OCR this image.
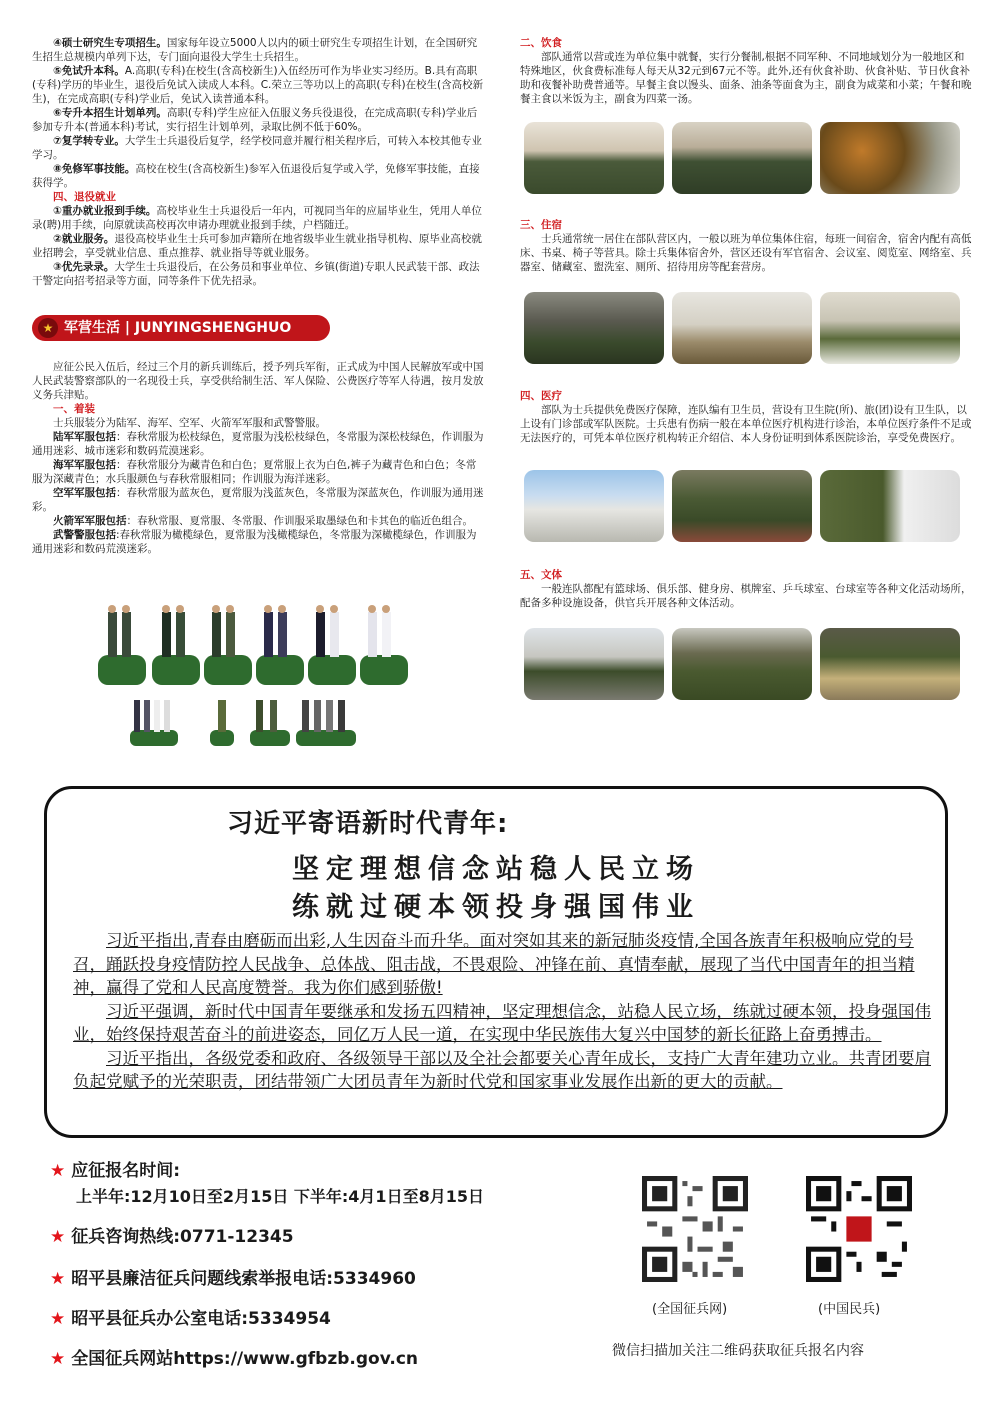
④硕士研究生专项招生。国家每年设立5000人以内的硕士研究生专项招生计划，在全国研究生招生总规模内单列下达，专门面向退役大学生士兵招生。

⑤免试升本科。A.高职(专科)在校生(含高校新生)入伍经历可作为毕业实习经历。B.具有高职(专科)学历的毕业生，退役后免试入读成人本科。C.荣立三等功以上的高职(专科)在校生(含高校新生)，在完成高职(专科)学业后，免试入读普通本科。

⑥专升本招生计划单列。高职(专科)学生应征入伍服义务兵役退役，在完成高职(专科)学业后参加专升本(普通本科)考试，实行招生计划单列，录取比例不低于60%。

⑦复学转专业。大学生士兵退役后复学，经学校同意并履行相关程序后，可转入本校其他专业学习。

⑧免修军事技能。高校在校生(含高校新生)参军入伍退役后复学或入学，免修军事技能，直接获得学。

四、退役就业

①重办就业报到手续。高校毕业生士兵退役后一年内，可视同当年的应届毕业生，凭用人单位录(聘)用手续，向原就读高校再次申请办理就业报到手续，户档随迁。

②就业服务。退役高校毕业生士兵可参加声籍所在地省级毕业生就业指导机构、原毕业高校就业招聘会，享受就业信息、重点推荐、就业指导等就业服务。

③优先录录。大学生士兵退役后，在公务员和事业单位、乡镇(街道)专职人民武装干部、政法干警定向招考招录等方面，同等条件下优先招录。

★ 军营生活 | JUNYINGSHENGHUO

应征公民入伍后，经过三个月的新兵训练后，授予列兵军衔，正式成为中国人民解放军或中国人民武装警察部队的一名现役士兵，享受供给制生活、军人保险、公费医疗等军人待遇，按月发放义务兵津贴。

一、着装

士兵服装分为陆军、海军、空军、火箭军军服和武警警服。

陆军军服包括：春秋常服为松枝绿色，夏常服为浅松枝绿色，冬常服为深松枝绿色，作训服为通用迷彩、城市迷彩和数码荒漠迷彩。

海军军服包括：春秋常服分为藏青色和白色；夏常服上衣为白色,裤子为藏青色和白色；冬常服为深藏青色；水兵服颜色与春秋常服相同；作训服为海洋迷彩。

空军军服包括：春秋常服为蓝灰色，夏常服为浅蓝灰色，冬常服为深蓝灰色，作训服为通用迷彩。

火箭军军服包括：春秋常服、夏常服、冬常服、作训服采取墨绿色和卡其色的临近色组合。

武警警服包括:春秋常服为橄榄绿色，夏常服为浅橄榄绿色，冬常服为深橄榄绿色，作训服为通用迷彩和数码荒漠迷彩。

二、饮食

部队通常以营或连为单位集中就餐，实行分餐制,根据不同军种、不同地域划分为一般地区和特殊地区，伙食费标准每人每天从32元到67元不等。此外,还有伙食补助、伙食补贴、节日伙食补助和夜餐补助费普通等。早餐主食以馒头、面条、油条等面食为主，副食为咸菜和小菜；午餐和晚餐主食以米饭为主，副食为四菜一汤。

三、住宿

士兵通常统一居住在部队营区内，一般以班为单位集体住宿，每班一间宿舍，宿舍内配有高低床、书桌、椅子等营具。除士兵集体宿舍外，营区还设有军官宿舍、会议室、阅览室、网络室、兵器室、储藏室、盥洗室、厕所、招待用房等配套营房。

四、医疗

部队为士兵提供免费医疗保障，连队编有卫生员，营设有卫生院(所)、旅(团)设有卫生队，以上设有门诊部或军队医院。士兵患有伤病一般在本单位医疗机构进行诊治，本单位医疗条件不足或无法医疗的，可凭本单位医疗机构转正介绍信、本人身份证明到体系医院诊治，享受免费医疗。

五、文体

一般连队都配有篮球场、俱乐部、健身房、棋牌室、乒乓球室、台球室等各种文化活动场所，配备多种设施设备，供官兵开展各种文体活动。

习近平寄语新时代青年:
坚定理想信念站稳人民立场
练就过硬本领投身强国伟业

习近平指出,青春由磨砺而出彩,人生因奋斗而升华。面对突如其来的新冠肺炎疫情,全国各族青年积极响应党的号召，踊跃投身疫情防控人民战争、总体战、阻击战，不畏艰险、冲锋在前、真情奉献，展现了当代中国青年的担当精神，赢得了党和人民高度赞誉。我为你们感到骄傲!

习近平强调，新时代中国青年要继承和发扬五四精神，坚定理想信念，站稳人民立场，练就过硬本领，投身强国伟业，始终保持艰苦奋斗的前进姿态，同亿万人民一道，在实现中华民族伟大复兴中国梦的新长征路上奋勇搏击。

习近平指出，各级党委和政府、各级领导干部以及全社会都要关心青年成长，支持广大青年建功立业。共青团要肩负起党赋予的光荣职责，团结带领广大团员青年为新时代党和国家事业发展作出新的更大的贡献。

★ 应征报名时间:
上半年:12月10日至2月15日 下半年:4月1日至8月15日
★ 征兵咨询热线:0771-12345
★ 昭平县廉洁征兵问题线索举报电话:5334960
★ 昭平县征兵办公室电话:5334954
★ 全国征兵网站https://www.gfbzb.gov.cn
(全国征兵网)	(中国民兵)
微信扫描加关注二维码获取征兵报名内容
